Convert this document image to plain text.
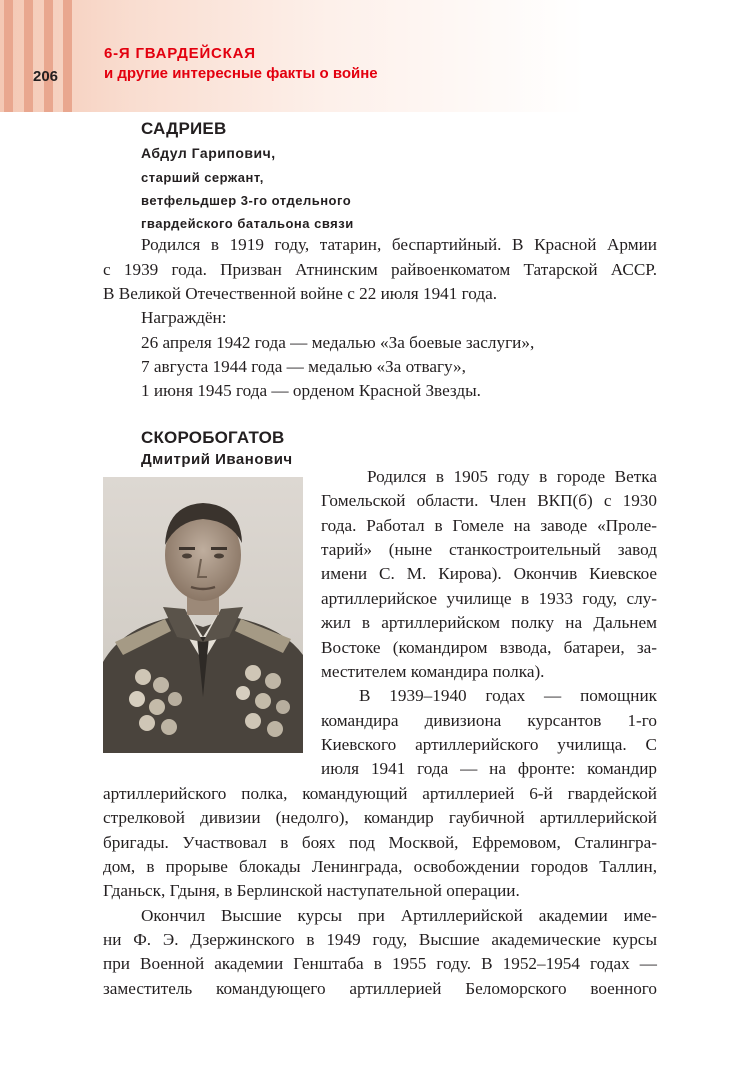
206
6-Я ГВАРДЕЙСКАЯ
и другие интересные факты о войне
САДРИЕВ
Абдул Гарипович,
старший сержант,
ветфельдшер 3-го отдельного
гвардейского батальона связи
Родился в 1919 году, татарин, беспартийный. В Красной Армии
с 1939 года. Призван Атнинским райвоенкоматом Татарской АССР.
В Великой Отечественной войне с 22 июля 1941 года.
Награждён:
26 апреля 1942 года — медалью «За боевые заслуги»,
7 августа 1944 года — медалью «За отвагу»,
1 июня 1945 года — орденом Красной Звезды.
СКОРОБОГАТОВ
Дмитрий Иванович
Родился в 1905 году в городе Ветка
Гомельской области. Член ВКП(б) с 1930
года. Работал в Гомеле на заводе «Проле-
тарий» (ныне станкостроительный завод
имени С. М. Кирова). Окончив Киевское
артиллерийское училище в 1933 году, слу-
жил в артиллерийском полку на Дальнем
Востоке (командиром взвода, батареи, за-
местителем командира полка).
В 1939–1940 годах — помощник
командира дивизиона курсантов 1-го
Киевского артиллерийского училища. С
июля 1941 года — на фронте: командир
артиллерийского полка, командующий артиллерией 6-й гвардейской
стрелковой дивизии (недолго), командир гаубичной артиллерийской
бригады. Участвовал в боях под Москвой, Ефремовом, Сталингра-
дом, в прорыве блокады Ленинграда, освобождении городов Таллин,
Гданьск, Гдыня, в Берлинской наступательной операции.
Окончил Высшие курсы при Артиллерийской академии име-
ни Ф. Э. Дзержинского в 1949 году, Высшие академические курсы
при Военной академии Генштаба в 1955 году. В 1952–1954 годах —
заместитель командующего артиллерией Беломорского военного
